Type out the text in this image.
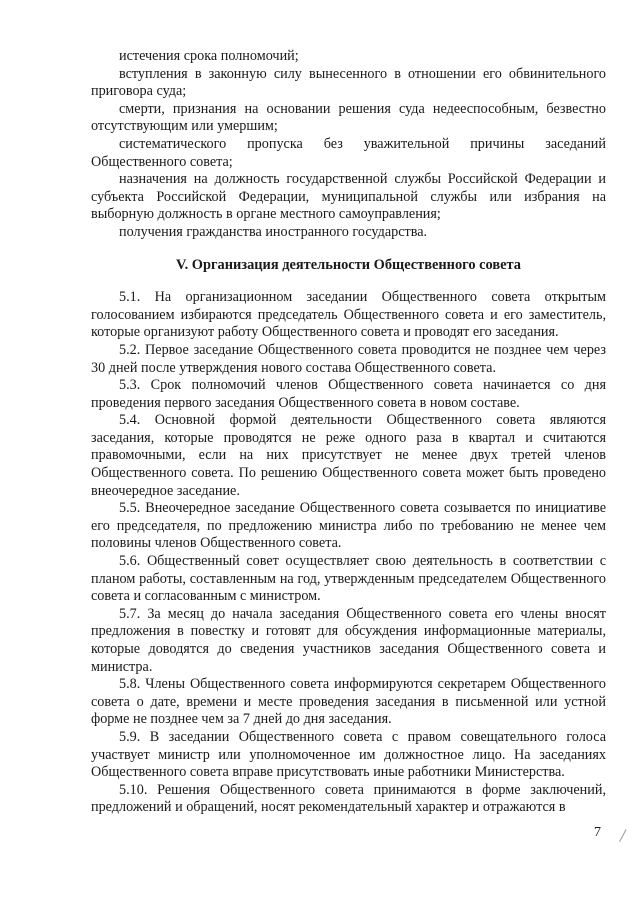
истечения срока полномочий;

вступления в законную силу вынесенного в отношении его обвинительного приговора суда;

смерти, признания на основании решения суда недееспособным, безвестно отсутствующим или умершим;

систематического пропуска без уважительной причины заседаний Общественного совета;

назначения на должность государственной службы Российской Федерации и субъекта Российской Федерации, муниципальной службы или избрания на выборную должность в органе местного самоуправления;

получения гражданства иностранного государства.

V. Организация деятельности Общественного совета

5.1. На организационном заседании Общественного совета открытым голосованием избираются председатель Общественного совета и его заместитель, которые организуют работу Общественного совета и проводят его заседания.

5.2. Первое заседание Общественного совета проводится не позднее чем через 30 дней после утверждения нового состава Общественного совета.

5.3. Срок полномочий членов Общественного совета начинается со дня проведения первого заседания Общественного совета в новом составе.

5.4. Основной формой деятельности Общественного совета являются заседания, которые проводятся не реже одного раза в квартал и считаются правомочными, если на них присутствует не менее двух третей членов Общественного совета. По решению Общественного совета может быть проведено внеочередное заседание.

5.5. Внеочередное заседание Общественного совета созывается по инициативе его председателя, по предложению министра либо по требованию не менее чем половины членов Общественного совета.

5.6. Общественный совет осуществляет свою деятельность в соответствии с планом работы, составленным на год, утвержденным председателем Общественного совета и согласованным с министром.

5.7. За месяц до начала заседания Общественного совета его члены вносят предложения в повестку и готовят для обсуждения информационные материалы, которые доводятся до сведения участников заседания Общественного совета и министра.

5.8. Члены Общественного совета информируются секретарем Общественного совета о дате, времени и месте проведения заседания в письменной или устной форме не позднее чем за 7 дней до дня заседания.

5.9. В заседании Общественного совета с правом совещательного голоса участвует министр или уполномоченное им должностное лицо. На заседаниях Общественного совета вправе присутствовать иные работники Министерства.

5.10. Решения Общественного совета принимаются в форме заключений, предложений и обращений, носят рекомендательный характер и отражаются в

7
